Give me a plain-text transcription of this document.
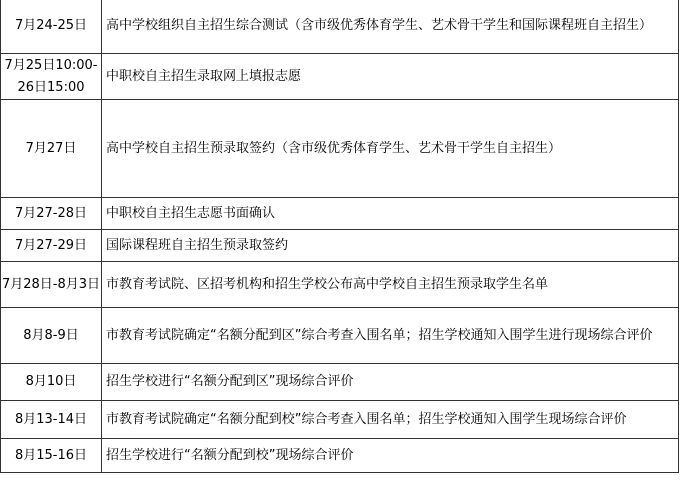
7月24-25日	高中学校组织自主招生综合测试（含市级优秀体育学生、艺术骨干学生和国际课程班自主招生）
7月25日10:00-26日15:00	中职校自主招生录取网上填报志愿
7月27日	高中学校自主招生预录取签约（含市级优秀体育学生、艺术骨干学生自主招生）
7月27-28日	中职校自主招生志愿书面确认
7月27-29日	国际课程班自主招生预录取签约
7月28日-8月3日	市教育考试院、区招考机构和招生学校公布高中学校自主招生预录取学生名单
8月8-9日	市教育考试院确定“名额分配到区”综合考查入围名单；招生学校通知入围学生进行现场综合评价
8月10日	招生学校进行“名额分配到区”现场综合评价
8月13-14日	市教育考试院确定“名额分配到校”综合考查入围名单；招生学校通知入围学生现场综合评价
8月15-16日	招生学校进行“名额分配到校”现场综合评价
